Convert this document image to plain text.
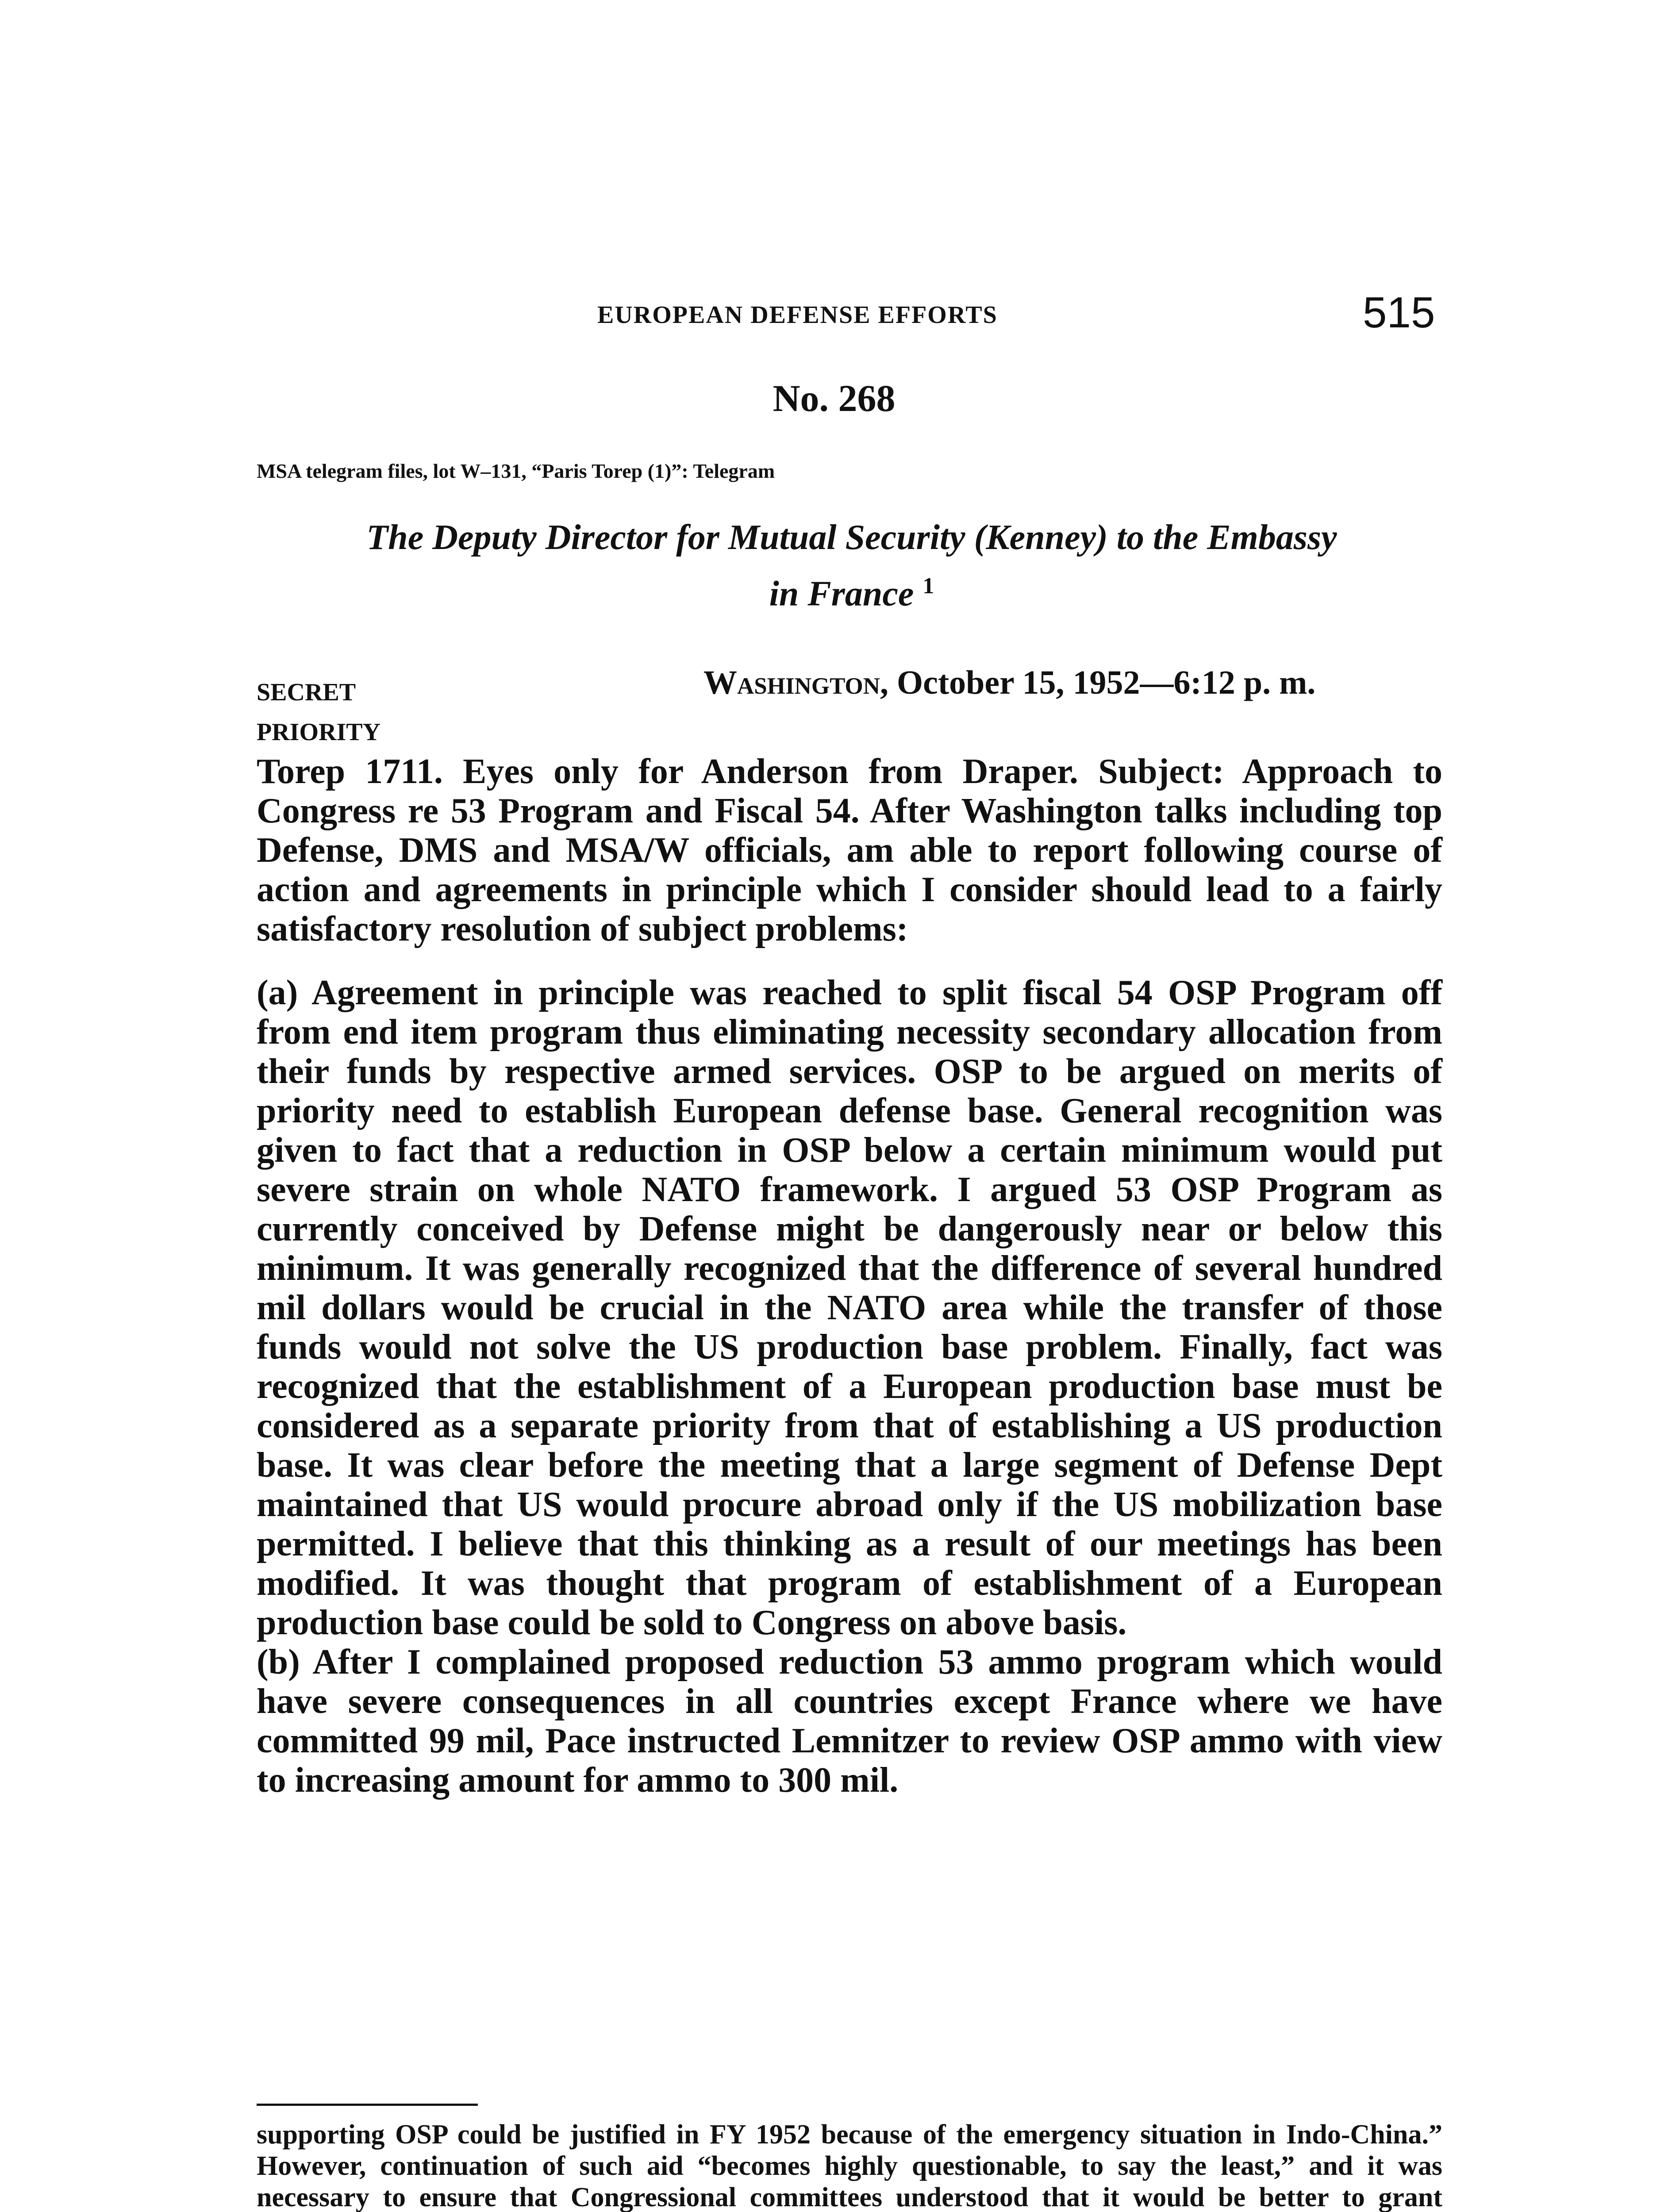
EUROPEAN DEFENSE EFFORTS	515
No. 268
MSA telegram files, lot W–131, “Paris Torep (1)”: Telegram
The Deputy Director for Mutual Security (Kenney) to the Embassy
in France $^1$
SECRET
PRIORITY
Washington, October 15, 1952—6:12 p. m.

Torep 1711. Eyes only for Anderson from Draper. Subject: Approach to Congress re 53 Program and Fiscal 54. After Washington talks including top Defense, DMS and MSA/W officials, am able to report following course of action and agreements in principle which I consider should lead to a fairly satisfactory resolution of subject problems:

(a) Agreement in principle was reached to split fiscal 54 OSP Program off from end item program thus eliminating necessity secondary allocation from their funds by respective armed services. OSP to be argued on merits of priority need to establish European defense base. General recognition was given to fact that a reduction in OSP below a certain minimum would put severe strain on whole NATO framework. I argued 53 OSP Program as currently conceived by Defense might be dangerously near or below this minimum. It was generally recognized that the difference of several hundred mil dollars would be crucial in the NATO area while the transfer of those funds would not solve the US production base problem. Finally, fact was recognized that the establishment of a European production base must be considered as a separate priority from that of establishing a US production base. It was clear before the meeting that a large segment of Defense Dept maintained that US would procure abroad only if the US mobilization base permitted. I believe that this thinking as a result of our meetings has been modified. It was thought that program of establishment of a European production base could be sold to Congress on above basis.

(b) After I complained proposed reduction 53 ammo program which would have severe consequences in all countries except France where we have committed 99 mil, Pace instructed Lemnitzer to review OSP ammo with view to increasing amount for ammo to 300 mil.

supporting OSP could be justified in FY 1952 because of the emergency situation in Indo-China.” However, continuation of such aid “becomes highly questionable, to say the least,” and it was necessary to ensure that Congressional committees understood that it would be better to grant
